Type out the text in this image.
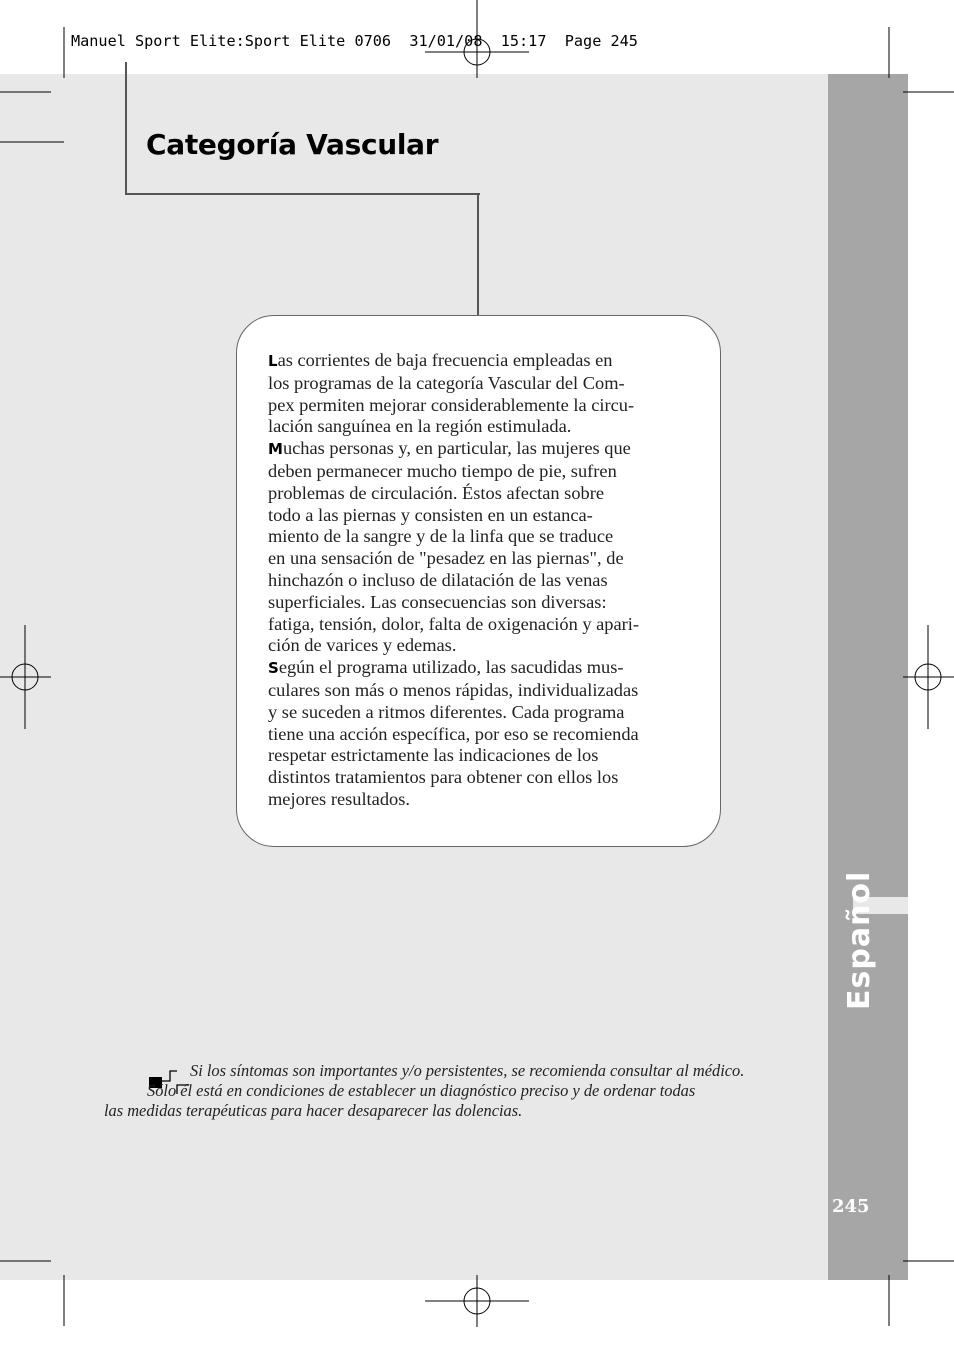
Español
245
Manuel Sport Elite:Sport Elite 0706  31/01/08  15:17  Page 245
Categoría Vascular

Las corrientes de baja frecuencia empleadas en
los programas de la categoría Vascular del Com-
pex permiten mejorar considerablemente la circu-
lación sanguínea en la región estimulada.

Muchas personas y, en particular, las mujeres que
deben permanecer mucho tiempo de pie, sufren
problemas de circulación. Éstos afectan sobre
todo a las piernas y consisten en un estanca-
miento de la sangre y de la linfa que se traduce
en una sensación de "pesadez en las piernas", de
hinchazón o incluso de dilatación de las venas
superficiales. Las consecuencias son diversas:
fatiga, tensión, dolor, falta de oxigenación y apari-
ción de varices y edemas.

Según el programa utilizado, las sacudidas mus-
culares son más o menos rápidas, individualizadas
y se suceden a ritmos diferentes. Cada programa
tiene una acción específica, por eso se recomienda
respetar estrictamente las indicaciones de los
distintos tratamientos para obtener con ellos los
mejores resultados.

Si los síntomas son importantes y/o persistentes, se recomienda consultar al médico.
Sólo él está en condiciones de establecer un diagnóstico preciso y de ordenar todas
las medidas terapéuticas para hacer desaparecer las dolencias.
